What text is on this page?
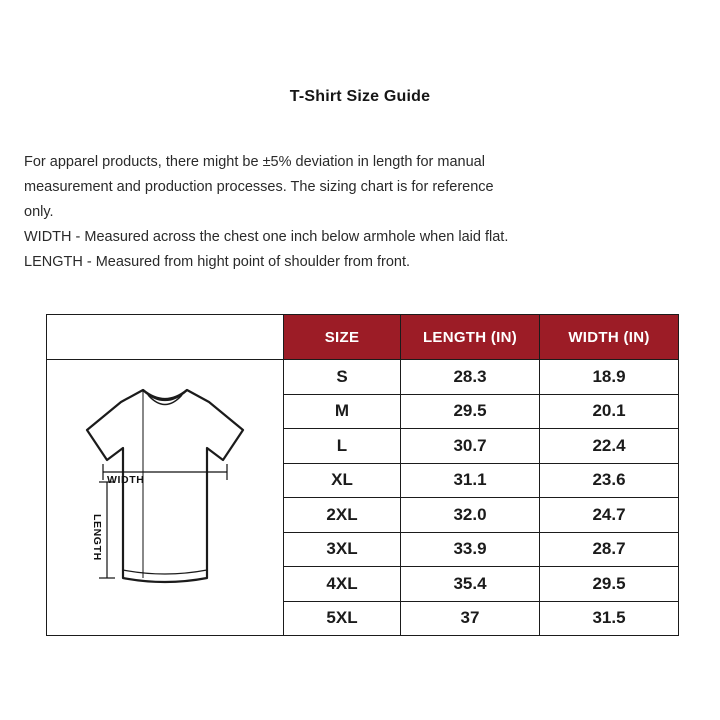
T-Shirt Size Guide

For apparel products, there might be ±5% deviation in length for manual

measurement and production processes. The sizing chart is for reference

only.

WIDTH - Measured across the chest one inch below armhole when laid flat.

LENGTH - Measured from hight point of shoulder from front.

T-SHIRT	SIZE	LENGTH (IN)	WIDTH (IN)

WIDTH
LENGTH	S	28.3	18.9
	M	29.5	20.1
	L	30.7	22.4
	XL	31.1	23.6
	2XL	32.0	24.7
	3XL	33.9	28.7
	4XL	35.4	29.5
	5XL	37	31.5
